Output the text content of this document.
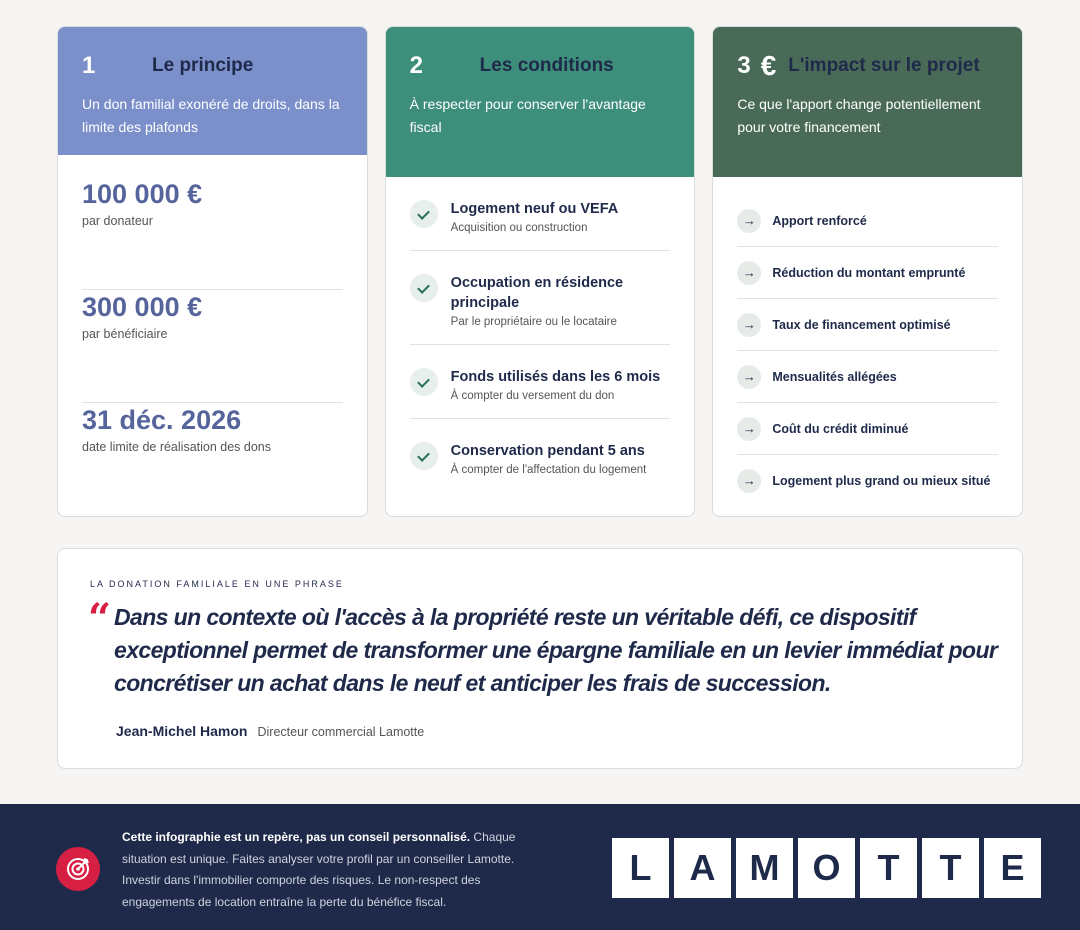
1	Le principe
Un don familial exonéré de droits, dans la limite des plafonds
100 000 €
par donateur
300 000 €
par bénéficiaire
31 déc. 2026
date limite de réalisation des dons
2	Les conditions
À respecter pour conserver l'avantage fiscal
Logement neuf ou VEFA
Acquisition ou construction
Occupation en résidence principale
Par le propriétaire ou le locataire
Fonds utilisés dans les 6 mois
À compter du versement du don
Conservation pendant 5 ans
À compter de l'affectation du logement
3 € L'impact sur le projet
Ce que l'apport change potentiellement pour votre financement
→	Apport renforcé
→	Réduction du montant emprunté
→	Taux de financement optimisé
→	Mensualités allégées
→	Coût du crédit diminué
→	Logement plus grand ou mieux situé
LA DONATION FAMILIALE EN UNE PHRASE
“ Dans un contexte où l'accès à la propriété reste un véritable défi, ce dispositif exceptionnel permet de transformer une épargne familiale en un levier immédiat pour concrétiser un achat dans le neuf et anticiper les frais de succession.
Jean-Michel Hamon Directeur commercial Lamotte
Cette infographie est un repère, pas un conseil personnalisé. Chaque situation est unique. Faites analyser votre profil par un conseiller Lamotte. Investir dans l'immobilier comporte des risques. Le non-respect des engagements de location entraîne la perte du bénéfice fiscal.
L	A M O	T	T	E
